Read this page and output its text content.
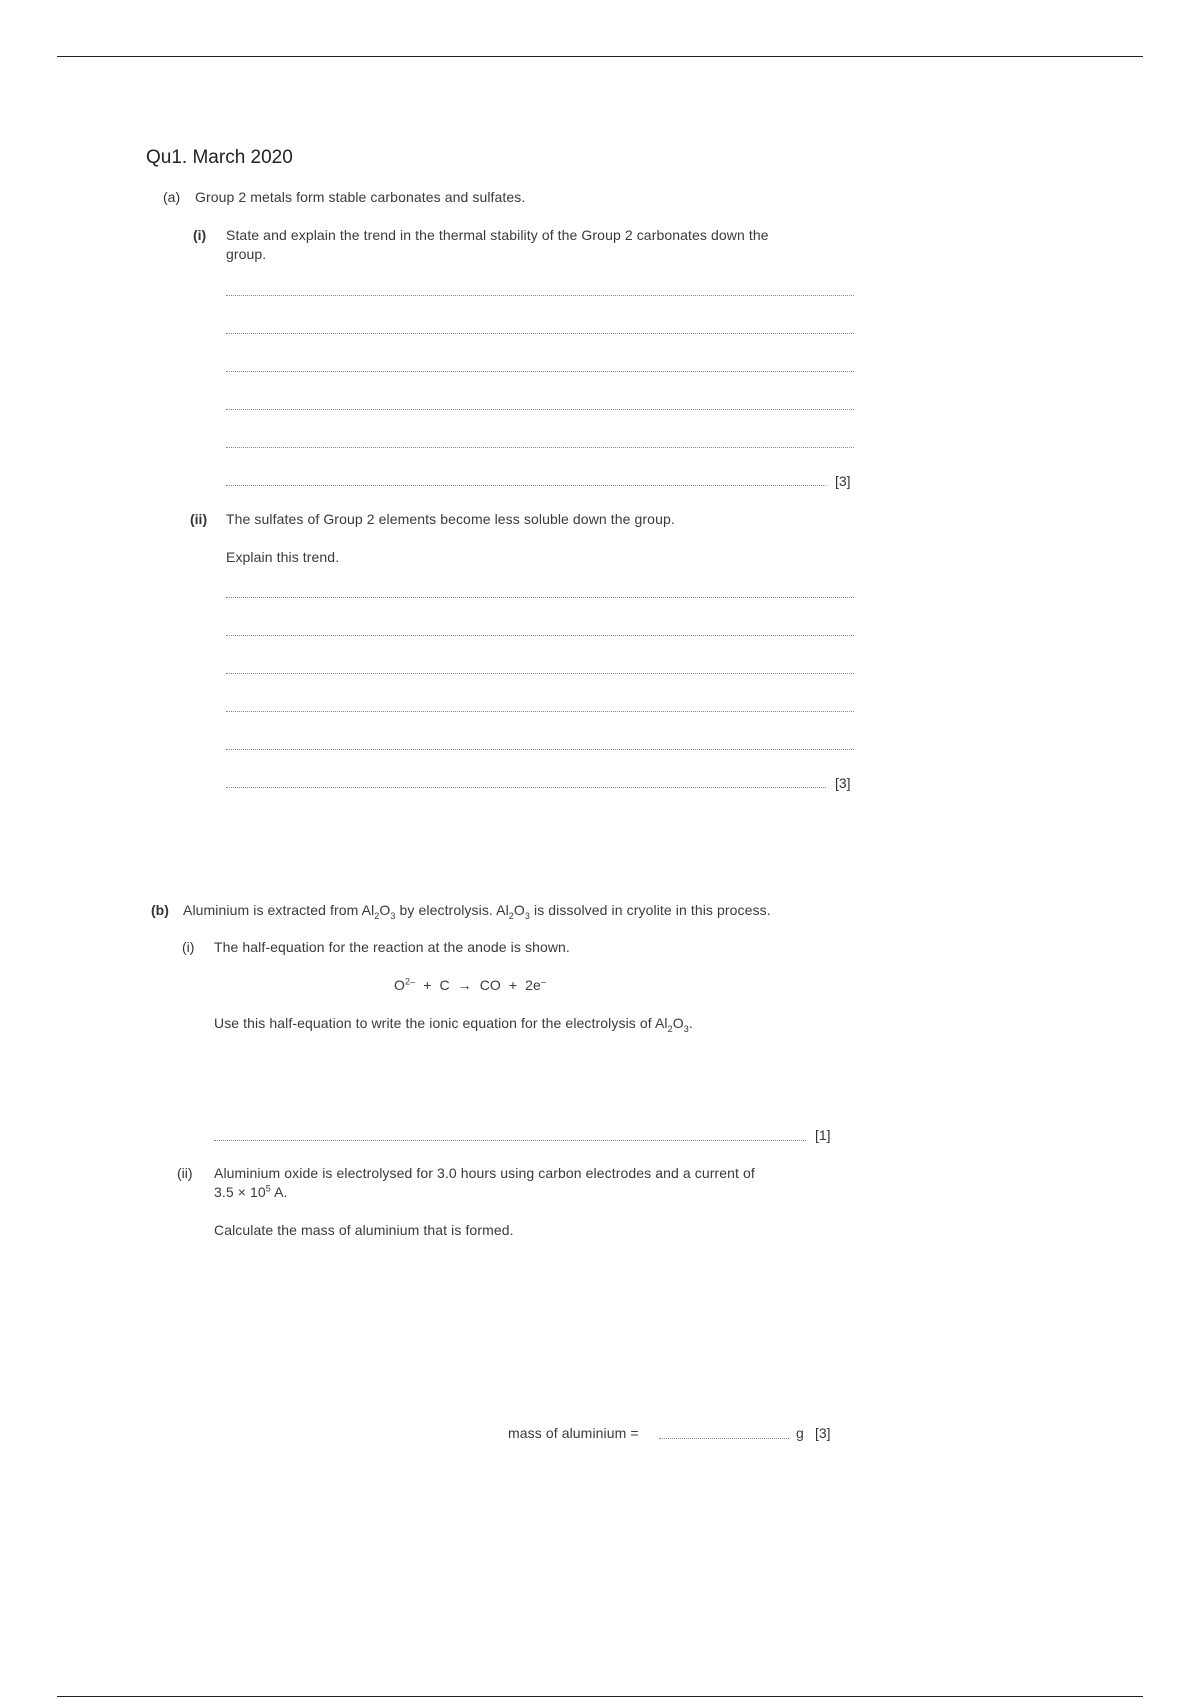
Qu1. March 2020
(a) Group 2 metals form stable carbonates and sulfates.
(i) State and explain the trend in the thermal stability of the Group 2 carbonates down the
group.
[3]
(ii) The sulfates of Group 2 elements become less soluble down the group.
Explain this trend.
[3]
(b) Aluminium is extracted from $Al_2O_3$ by electrolysis. $Al_2O_3$ is dissolved in cryolite in this process.
(i) The half-equation for the reaction at the anode is shown.
$O^{2-} + C$  →  CO  +  2e–
Use this half-equation to write the ionic equation for the electrolysis of $Al_2O_3$.
[1]
(ii) Aluminium oxide is electrolysed for 3.0 hours using carbon electrodes and a current of
$3.5 \times 10^5$ A.
Calculate the mass of aluminium that is formed.
mass of aluminium =	g [3]
